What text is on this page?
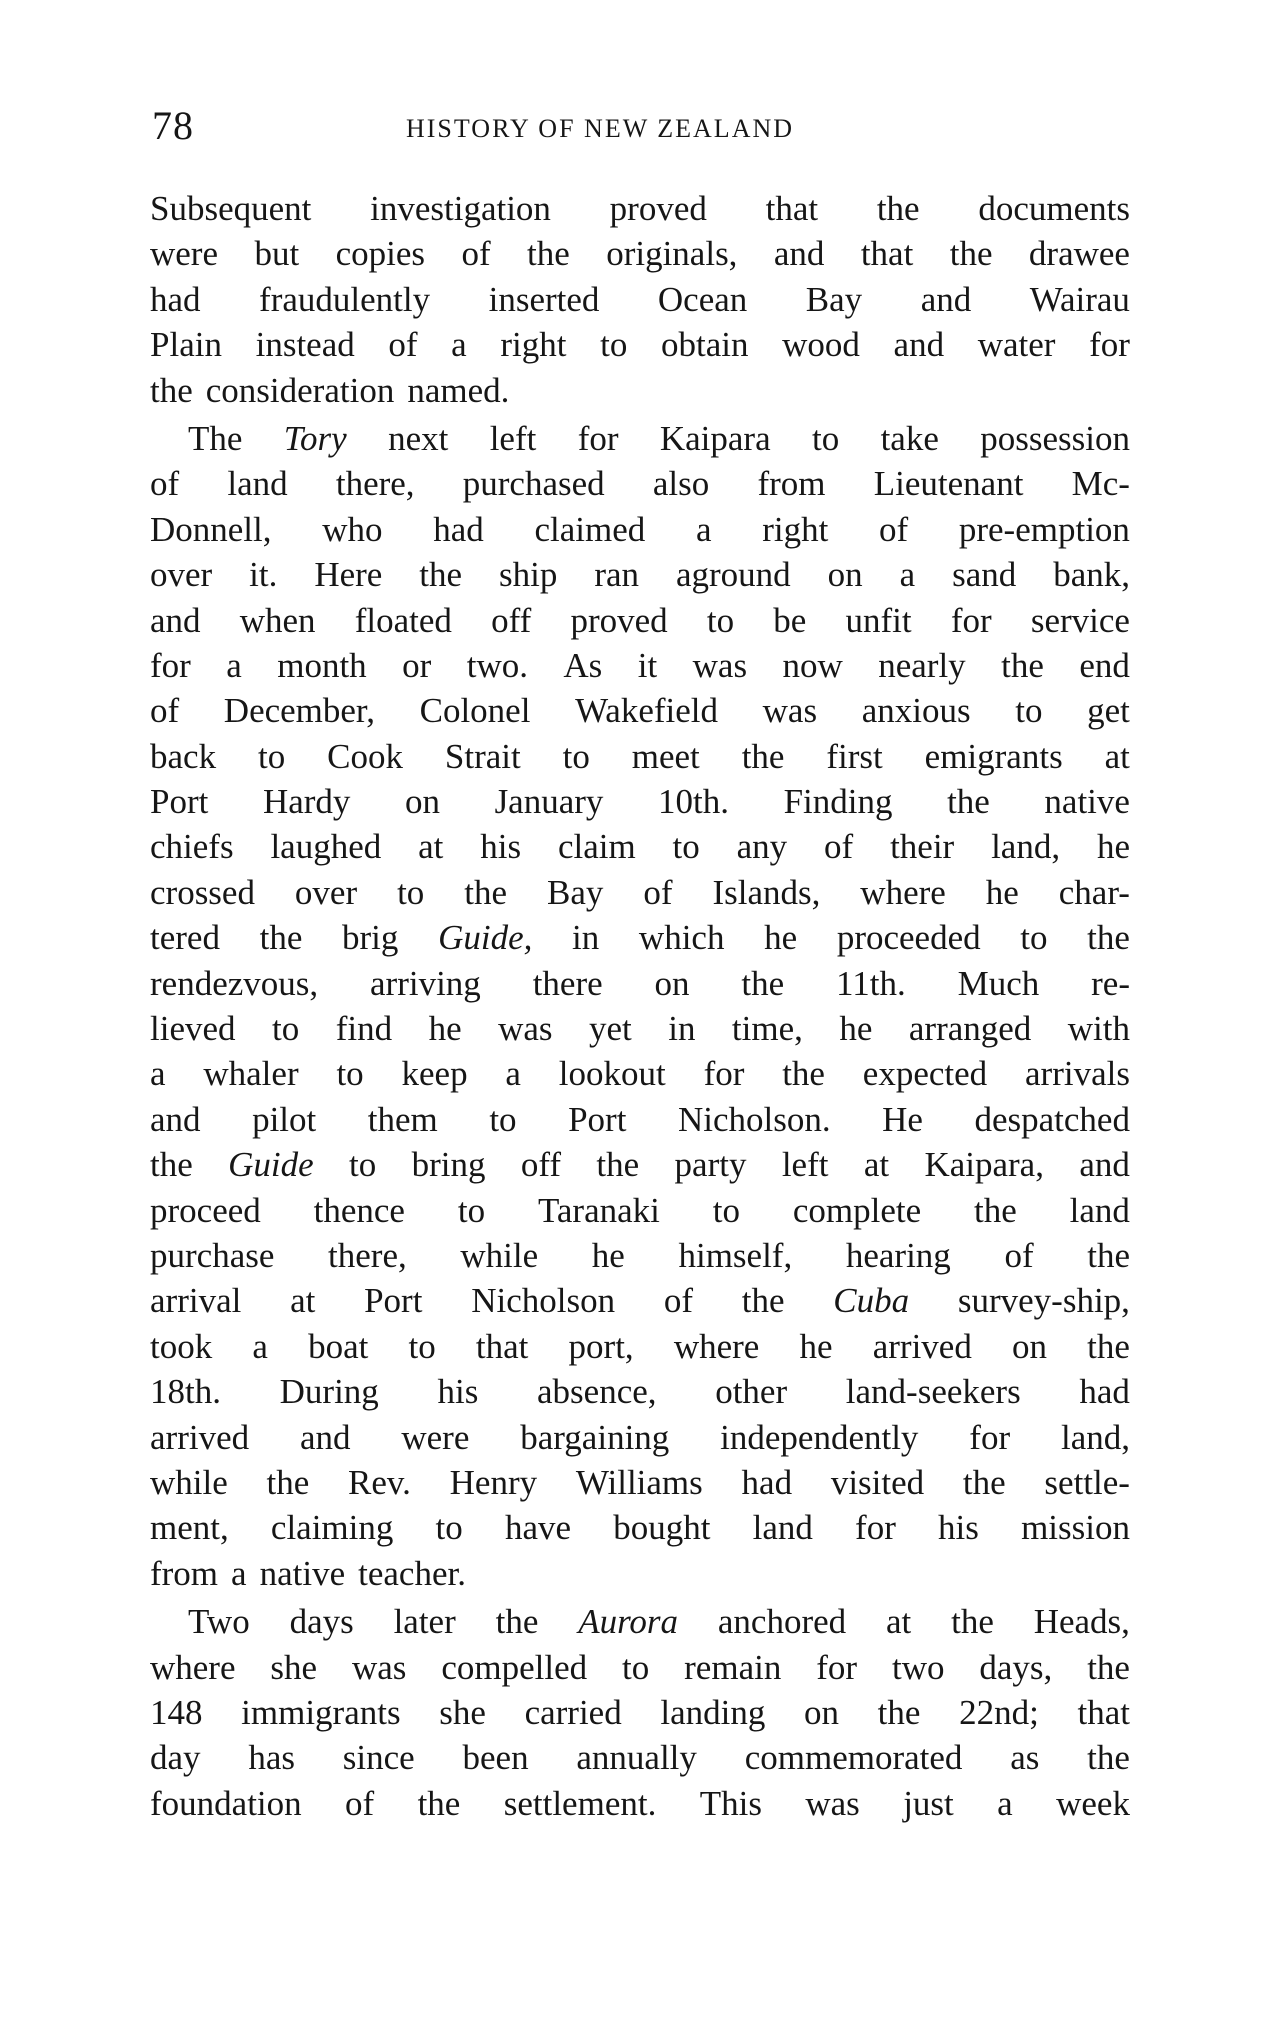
78	HISTORY OF NEW ZEALAND
Subsequent investigation proved that the documents
were but copies of the originals, and that the drawee
had fraudulently inserted Ocean Bay and Wairau
Plain instead of a right to obtain wood and water for
the consideration named.
The Tory next left for Kaipara to take possession
of land there, purchased also from Lieutenant Mc-
Donnell, who had claimed a right of pre-emption
over it. Here the ship ran aground on a sand bank,
and when floated off proved to be unfit for service
for a month or two. As it was now nearly the end
of December, Colonel Wakefield was anxious to get
back to Cook Strait to meet the first emigrants at
Port Hardy on January 10th. Finding the native
chiefs laughed at his claim to any of their land, he
crossed over to the Bay of Islands, where he char-
tered the brig Guide, in which he proceeded to the
rendezvous, arriving there on the 11th. Much re-
lieved to find he was yet in time, he arranged with
a whaler to keep a lookout for the expected arrivals
and pilot them to Port Nicholson. He despatched
the Guide to bring off the party left at Kaipara, and
proceed thence to Taranaki to complete the land
purchase there, while he himself, hearing of the
arrival at Port Nicholson of the Cuba survey-ship,
took a boat to that port, where he arrived on the
18th. During his absence, other land-seekers had
arrived and were bargaining independently for land,
while the Rev. Henry Williams had visited the settle-
ment, claiming to have bought land for his mission
from a native teacher.
Two days later the Aurora anchored at the Heads,
where she was compelled to remain for two days, the
148 immigrants she carried landing on the 22nd; that
day has since been annually commemorated as the
foundation of the settlement. This was just a week
